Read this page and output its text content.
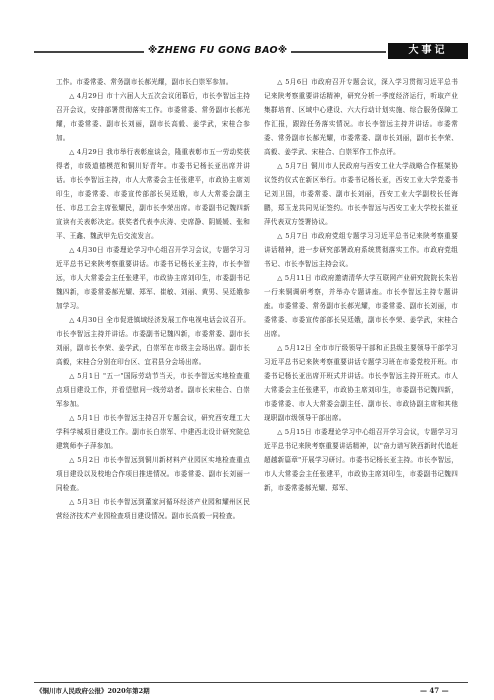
※ZHENG FU GONG BAO※	大事记

工作。市委常委、常务副市长郝光耀，副市长白崇军参加。

△ 4月29日 市十六届人大五次会议闭幕后，市长李智远主持召开会议，安排部署贯彻落实工作。市委常委、常务副市长郝光耀，市委常委、副市长刘丽，副市长高毅、姜学武，宋桂合参加。

△ 4月29日 我市举行表彰座谈会，隆重表彰市五一劳动奖获得者，市级道德模范和铜川好青年。市委书记杨长亚出席并讲话。市长李智远主持，市人大常委会主任张建平，市政协主席刘印生，市委常委、市委宣传部部长吴廷娥，市人大常委会副主任、市总工会主席张耀民，副市长李荣出席。市委副书记魏四新宣读有关表彰决定。获奖者代表李庆涛、史席静、阴媛媛、张和平、王鑫、魏武甲先后交流发言。

△ 4月30日 市委理论学习中心组召开学习会议，专题学习习近平总书记来陕考察重要讲话。市委书记杨长亚主持，市长李智远，市人大常委会主任张建平，市政协主席刘印生，市委副书记魏四新，市委常委郝光耀、郑军、崔敏、刘丽、黄男、吴廷娥参加学习。

△ 4月30日 全市促进镇域经济发展工作电视电话会议召开。市长李智远主持并讲话。市委副书记魏四新，市委常委、副市长刘丽，副市长李荣、姜学武，白崇军在市级主会场出席。副市长高毅，宋桂合分别在印台区、宜君县分会场出席。

△ 5月1日 "五一"国际劳动节当天，市长李智远实地检查重点项目建设工作，并看望慰问一线劳动者。副市长宋桂合、白崇军参加。

△ 5月1日 市长李智远主持召开专题会议，研究西安理工大学科学城项目建设工作。副市长白崇军、中建西北设计研究院总建筑师李子萍参加。

△ 5月2日 市长李智远到铜川新材料产业园区实地检查重点项目建设以及校地合作项目推进情况。市委常委、副市长刘丽一同检查。

△ 5月3日 市长李智远到董家河循环经济产业园和耀州区民营经济技术产业园检查项目建设情况。副市长高毅一同检查。

△ 5月6日 市政府召开专题会议，深入学习贯彻习近平总书记来陕考察重要讲话精神，研究分析一季度经济运行，听取产业集群培育、区域中心建设、六大行动计划实施、综合服务保障工作汇报，跟踪任务落实情况。市长李智远主持并讲话。市委常委、常务副市长郝光耀，市委常委、副市长刘丽，副市长李荣、高毅、姜学武、宋桂合、白崇军作工作点评。

△ 5月7日 铜川市人民政府与西安工业大学战略合作框架协议签约仪式在新区举行。市委书记杨长亚，西安工业大学党委书记刘卫国，市委常委、副市长刘丽，西安工业大学副校长任海鹏，郑玉龙共同见证签约。市长李智远与西安工业大学校长崔亚萍代表双方签署协议。

△ 5月7日 市政府党组专题学习习近平总书记来陕考察重要讲话精神，进一步研究部署政府系统贯彻落实工作。市政府党组书记、市长李智远主持会议。

△ 5月11日 市政府邀请清华大学互联网产业研究院院长朱岩一行来铜调研考察，并举办专题讲座。市长李智远主持专题讲座。市委常委、常务副市长郝光耀，市委常委、副市长刘丽，市委常委、市委宣传部部长吴廷娥，副市长李荣、姜学武，宋桂合出席。

△ 5月12日 全市市厅级领导干部和正县级主要领导干部学习习近平总书记来陕考察重要讲话专题学习班在市委党校开班。市委书记杨长亚出席开班式并讲话。市长李智远主持开班式。市人大常委会主任张建平，市政协主席刘印生，市委副书记魏四新，市委常委、市人大常委会副主任、副市长、市政协副主席和其他现职副市级领导干部出席。

△ 5月15日 市委理论学习中心组召开学习会议，专题学习习近平总书记来陕考察重要讲话精神，以"奋力谱写陕西新时代追赶超越新篇章"开展学习研讨。市委书记杨长亚主持。市长李智远，市人大常委会主任张建平，市政协主席刘印生，市委副书记魏四新，市委常委郝光耀、郑军、

《铜川市人民政府公报》2020年第2期	— 47 —
